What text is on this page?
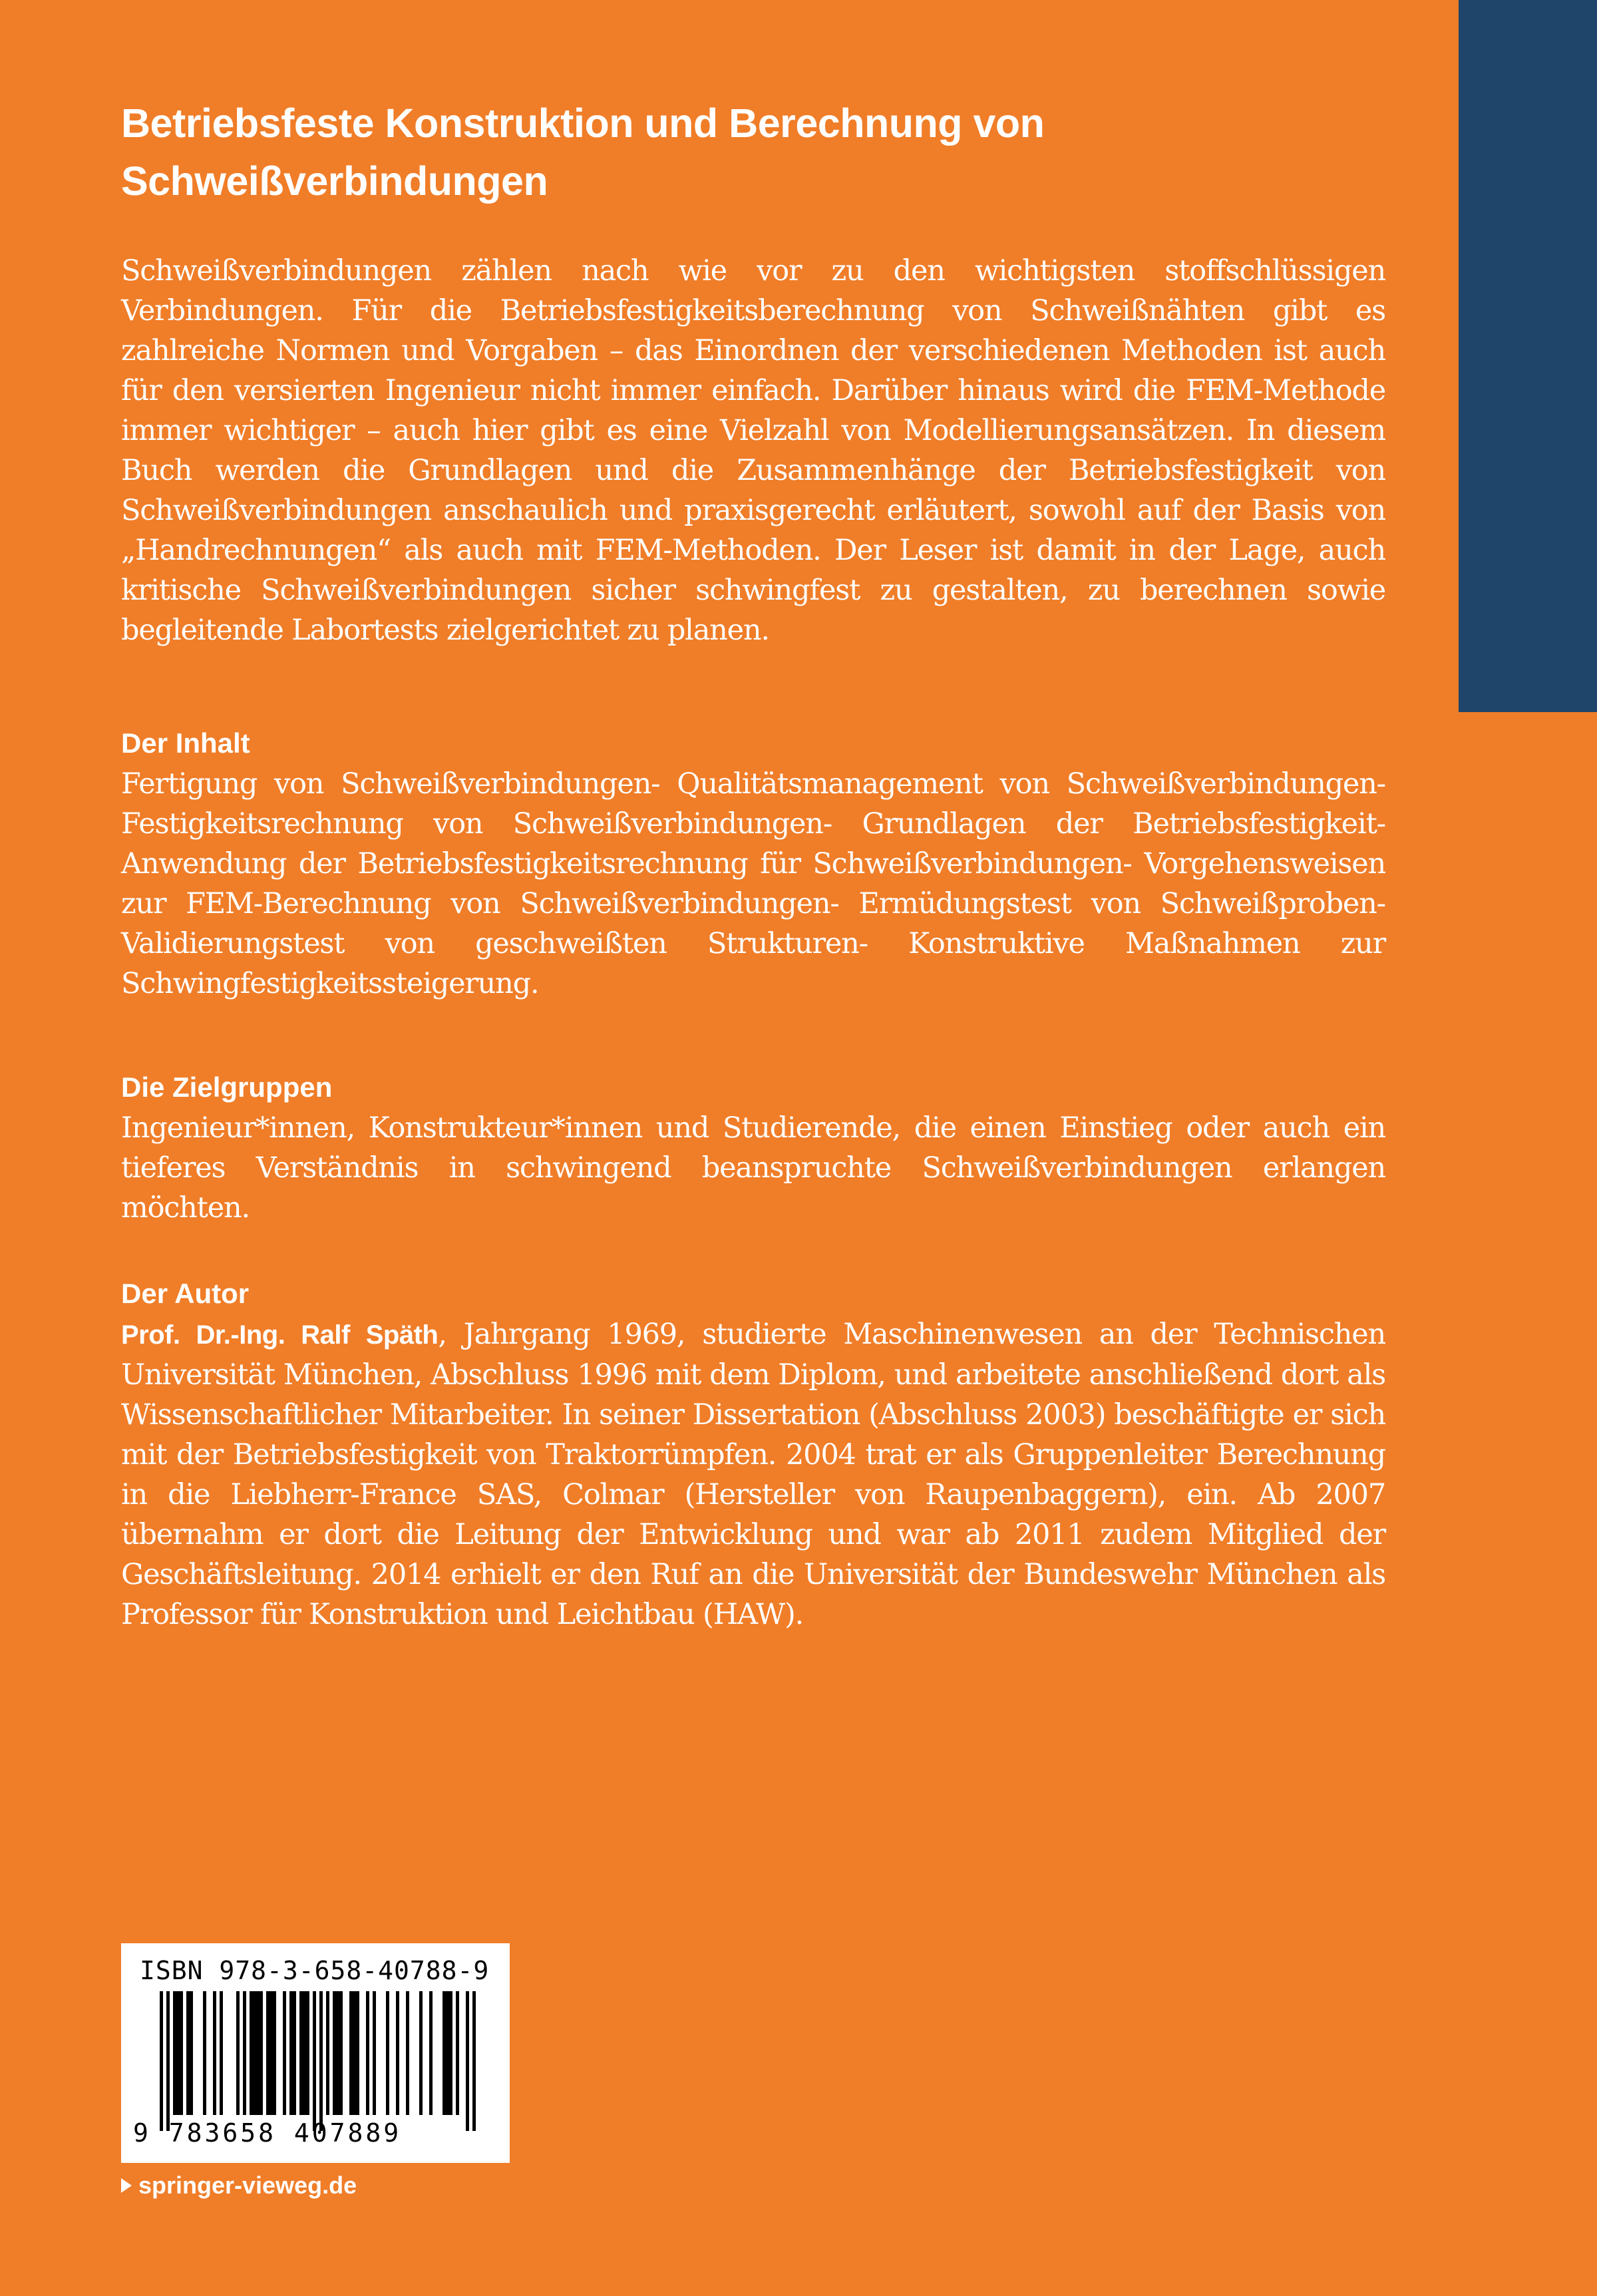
Betriebsfeste Konstruktion und Berechnung von
Schweißverbindungen

Schweißverbindungen zählen nach wie vor zu den wichtigsten stoffschlüssigen Verbindungen. Für die Betriebsfestigkeitsberechnung von Schweißnähten gibt es zahlreiche Normen und Vorgaben – das Einordnen der verschiedenen Methoden ist auch für den versierten Ingenieur nicht immer einfach. Darüber hinaus wird die FEM-Methode immer wichtiger – auch hier gibt es eine Vielzahl von Modellierungsansätzen. In diesem Buch werden die Grundlagen und die Zusammenhänge der Betriebsfestigkeit von Schweißverbindungen anschaulich und praxisgerecht erläutert, sowohl auf der Basis von „Handrechnungen“ als auch mit FEM-Methoden. Der Leser ist damit in der Lage, auch kritische Schweißverbindungen sicher schwingfest zu gestalten, zu berechnen sowie begleitende Labortests zielgerichtet zu planen.

Der Inhalt

Fertigung von Schweißverbindungen- Qualitätsmanagement von Schweißverbindungen- Festigkeitsrechnung von Schweißverbindungen- Grundlagen der Betriebsfestigkeit- Anwendung der Betriebsfestigkeitsrechnung für Schweißverbindungen- Vorgehensweisen zur FEM-Berechnung von Schweißverbindungen- Ermüdungstest von Schweißproben- Validierungstest von geschweißten Strukturen- Konstruktive Maßnahmen zur Schwingfestigkeitssteigerung.

Die Zielgruppen

Ingenieur*innen, Konstrukteur*innen und Studierende, die einen Einstieg oder auch ein tieferes Verständnis in schwingend beanspruchte Schweißverbindungen erlangen möchten.

Der Autor

Prof. Dr.-Ing. Ralf Späth, Jahrgang 1969, studierte Maschinenwesen an der Technischen Universität München, Abschluss 1996 mit dem Diplom, und arbeitete anschließend dort als Wissenschaftlicher Mitarbeiter. In seiner Dissertation (Abschluss 2003) beschäftigte er sich mit der Betriebsfestigkeit von Traktorrümpfen. 2004 trat er als Gruppenleiter Berechnung in die Liebherr-France SAS, Colmar (Hersteller von Raupenbaggern), ein. Ab 2007 übernahm er dort die Leitung der Entwicklung und war ab 2011 zudem Mitglied der Geschäftsleitung. 2014 erhielt er den Ruf an die Universität der Bundeswehr München als Professor für Konstruktion und Leichtbau (HAW).

ISBN 978-3-658-40788-9
9 783658 407889
springer-vieweg.de
